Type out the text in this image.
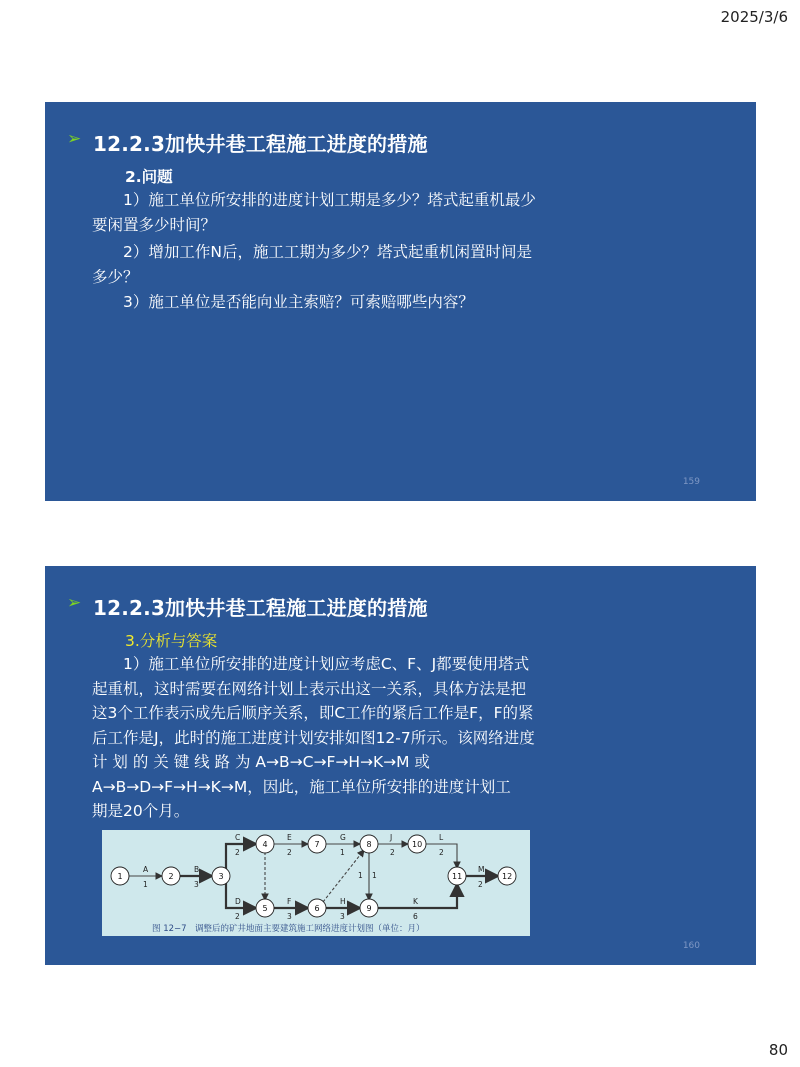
2025/3/6
➢ 12.2.3加快井巷工程施工进度的措施
2.问题
1）施工单位所安排的进度计划工期是多少？塔式起重机最少
要闲置多少时间？
2）增加工作N后，施工工期为多少？塔式起重机闲置时间是
多少？
3）施工单位是否能向业主索赔？可索赔哪些内容？
159
➢ 12.2.3加快井巷工程施工进度的措施
3.分析与答案
1）施工单位所安排的进度计划应考虑C、F、J都要使用塔式
起重机，这时需要在网络计划上表示出这一关系，具体方法是把
这3个工作表示成先后顺序关系，即C工作的紧后工作是F，F的紧
后工作是J，此时的施工进度计划安排如图12-7所示。该网络进度
计 划 的 关 键 线 路 为 A→B→C→F→H→K→M 或
A→B→D→F→H→K→M，因此，施工单位所安排的进度计划工
期是20个月。
A
1
B
3
C
2
D
2
E
2
F
3
G
1
H
3
J
2
K
6
L
2
M
2
1 1
1	2	3
4
5	6
7	8
9
10
11	12
图 12−7　调整后的矿井地面主要建筑施工网络进度计划图（单位：月）
160
80
